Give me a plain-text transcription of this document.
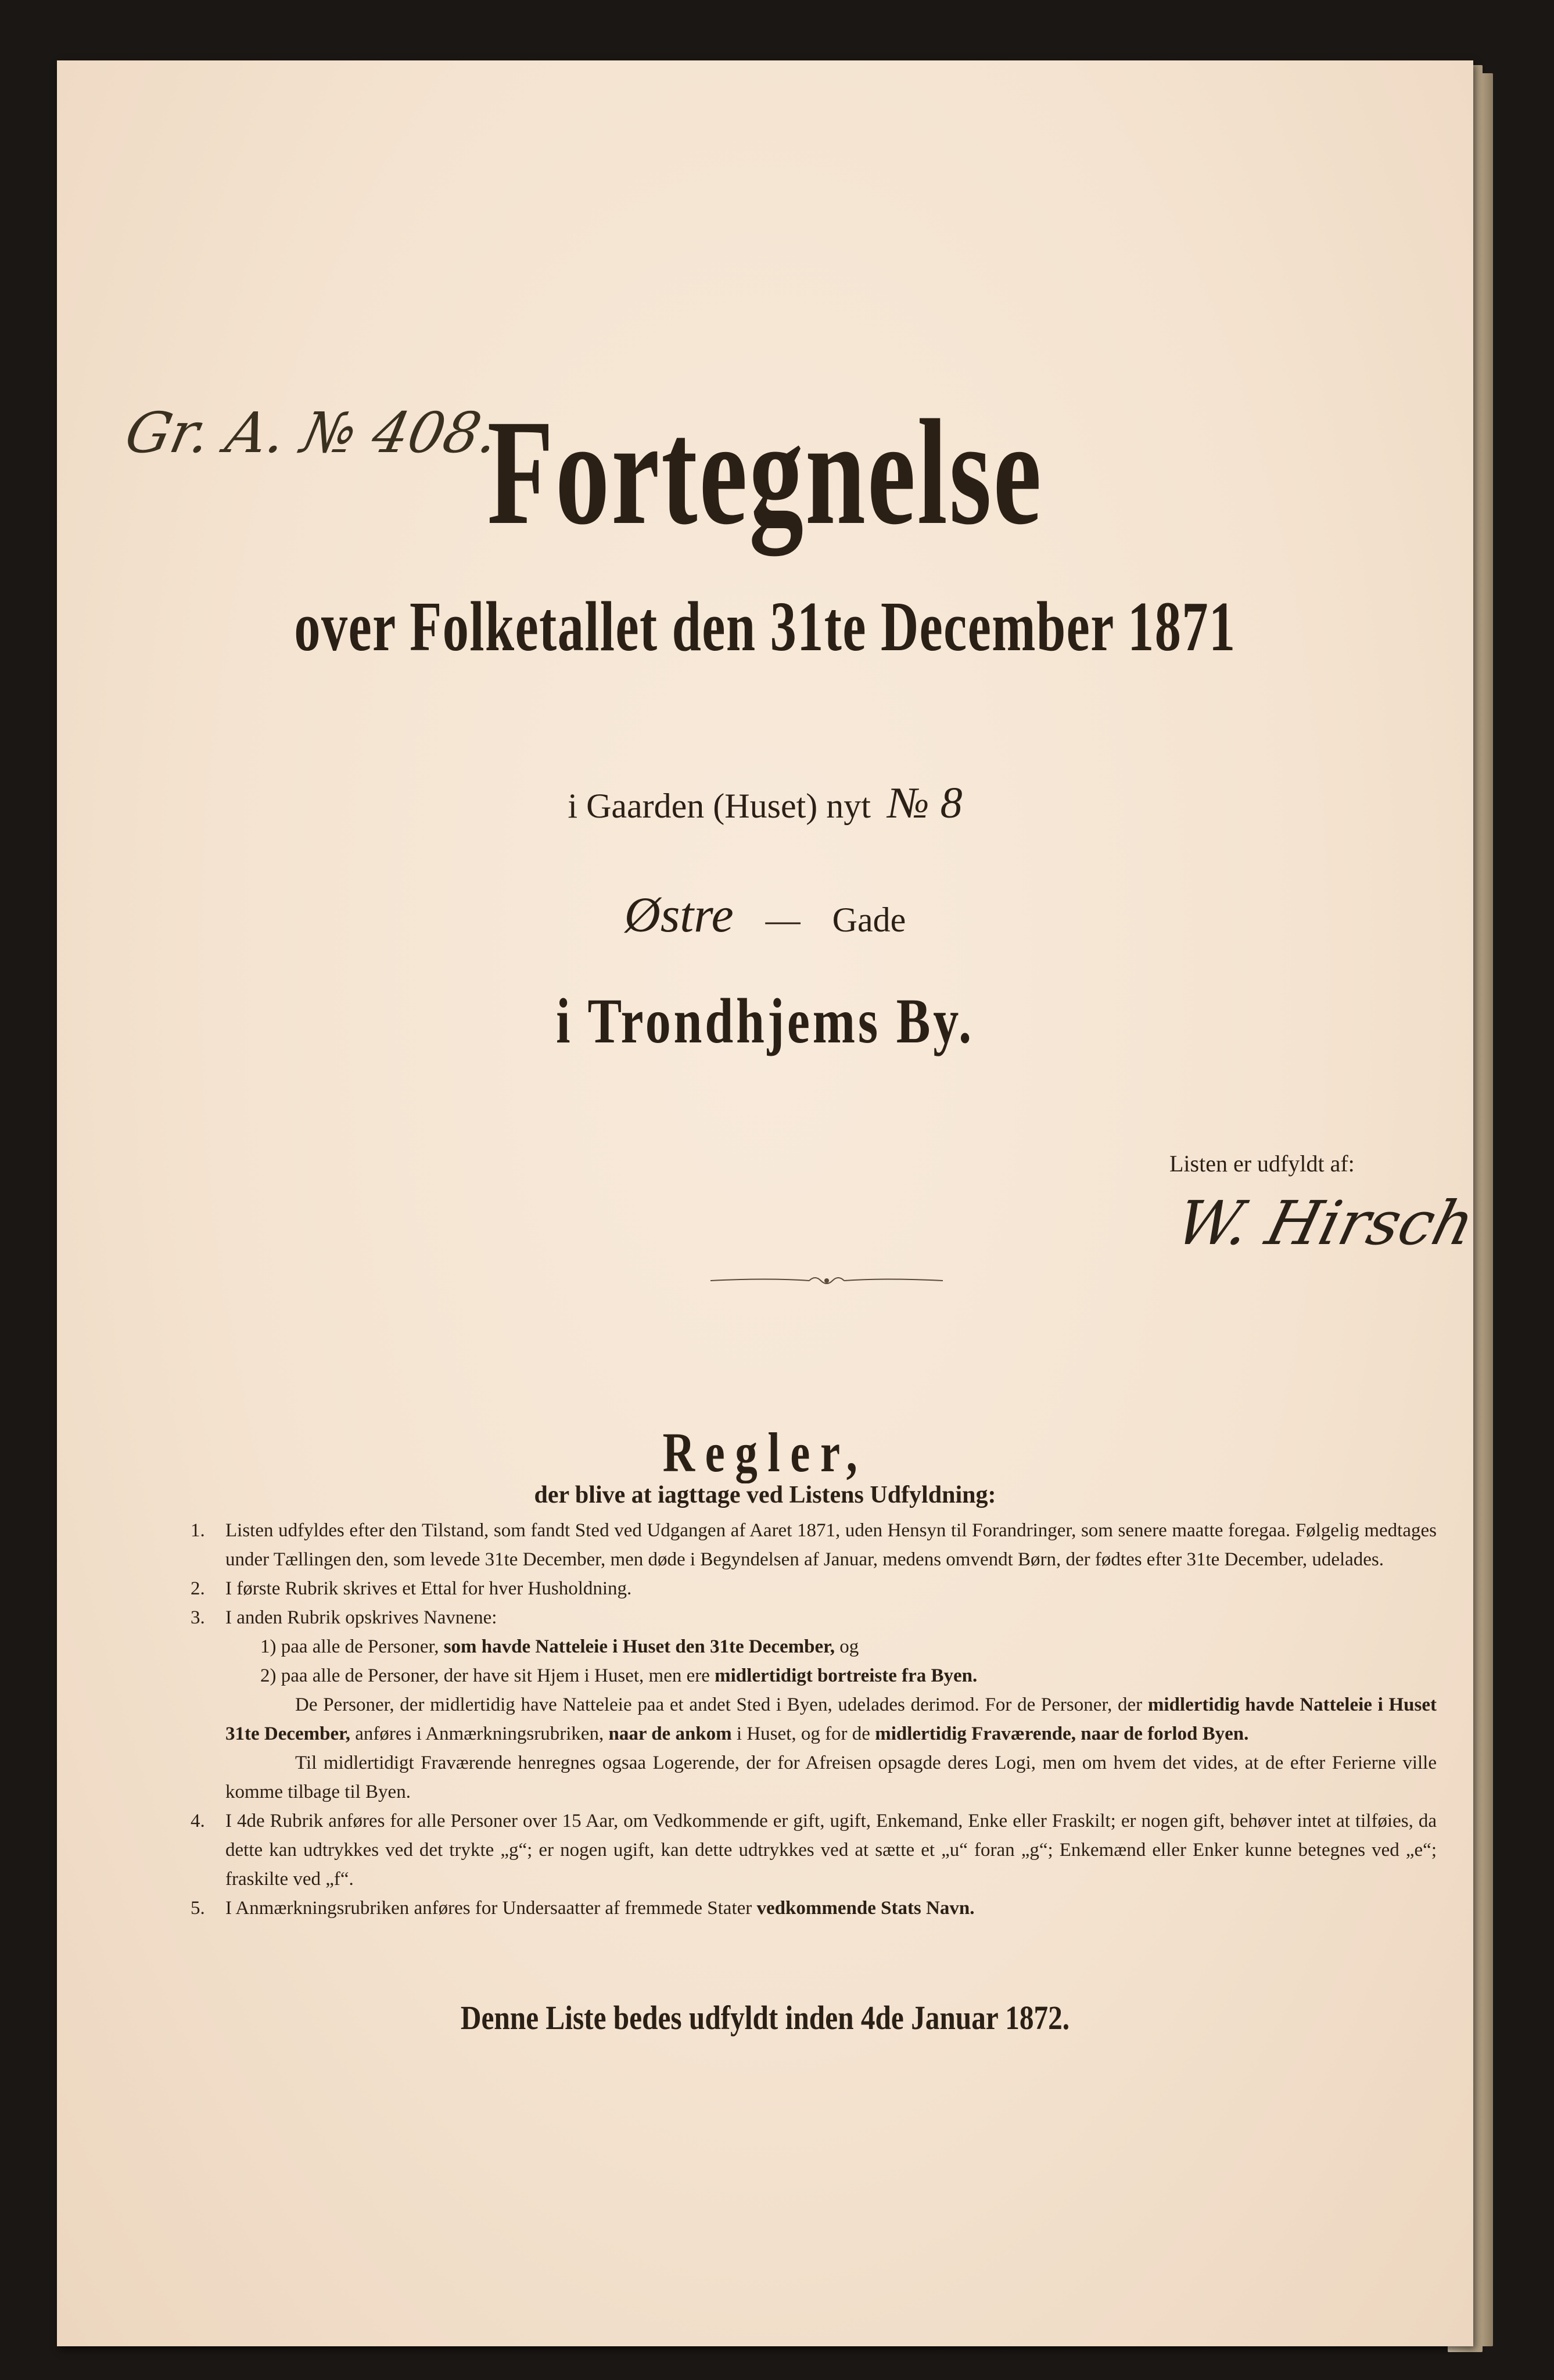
Gr. A. № 408.
Fortegnelse
over Folketallet den 31te December 1871
i Gaarden (Huset) nyt № 8
Østre — Gade
i Trondhjems By.
Listen er udfyldt af:
W. Hirsch
Regler,
der blive at iagttage ved Listens Udfyldning:
1. Listen udfyldes efter den Tilstand, som fandt Sted ved Udgangen af Aaret 1871, uden Hensyn til Forandringer, som senere maatte foregaa. Følgelig medtages under Tællingen den, som levede 31te December, men døde i Begyndelsen af Januar, medens omvendt Børn, der fødtes efter 31te December, udelades.
2. I første Rubrik skrives et Ettal for hver Husholdning.
3. I anden Rubrik opskrives Navnene:
1) paa alle de Personer, som havde Natteleie i Huset den 31te December, og
2) paa alle de Personer, der have sit Hjem i Huset, men ere midlertidigt bortreiste fra Byen.
De Personer, der midlertidig have Natteleie paa et andet Sted i Byen, udelades derimod. For de Personer, der midlertidig havde Natteleie i Huset 31te December, anføres i Anmærkningsrubriken, naar de ankom i Huset, og for de midlertidig Fraværende, naar de forlod Byen.
Til midlertidigt Fraværende henregnes ogsaa Logerende, der for Afreisen opsagde deres Logi, men om hvem det vides, at de efter Ferierne ville komme tilbage til Byen.
4. I 4de Rubrik anføres for alle Personer over 15 Aar, om Vedkommende er gift, ugift, Enkemand, Enke eller Fraskilt; er nogen gift, behøver intet at tilføies, da dette kan udtrykkes ved det trykte „g“; er nogen ugift, kan dette udtrykkes ved at sætte et „u“ foran „g“; Enkemænd eller Enker kunne betegnes ved „e“; fraskilte ved „f“.
5. I Anmærkningsrubriken anføres for Undersaatter af fremmede Stater vedkommende Stats Navn.
Denne Liste bedes udfyldt inden 4de Januar 1872.
